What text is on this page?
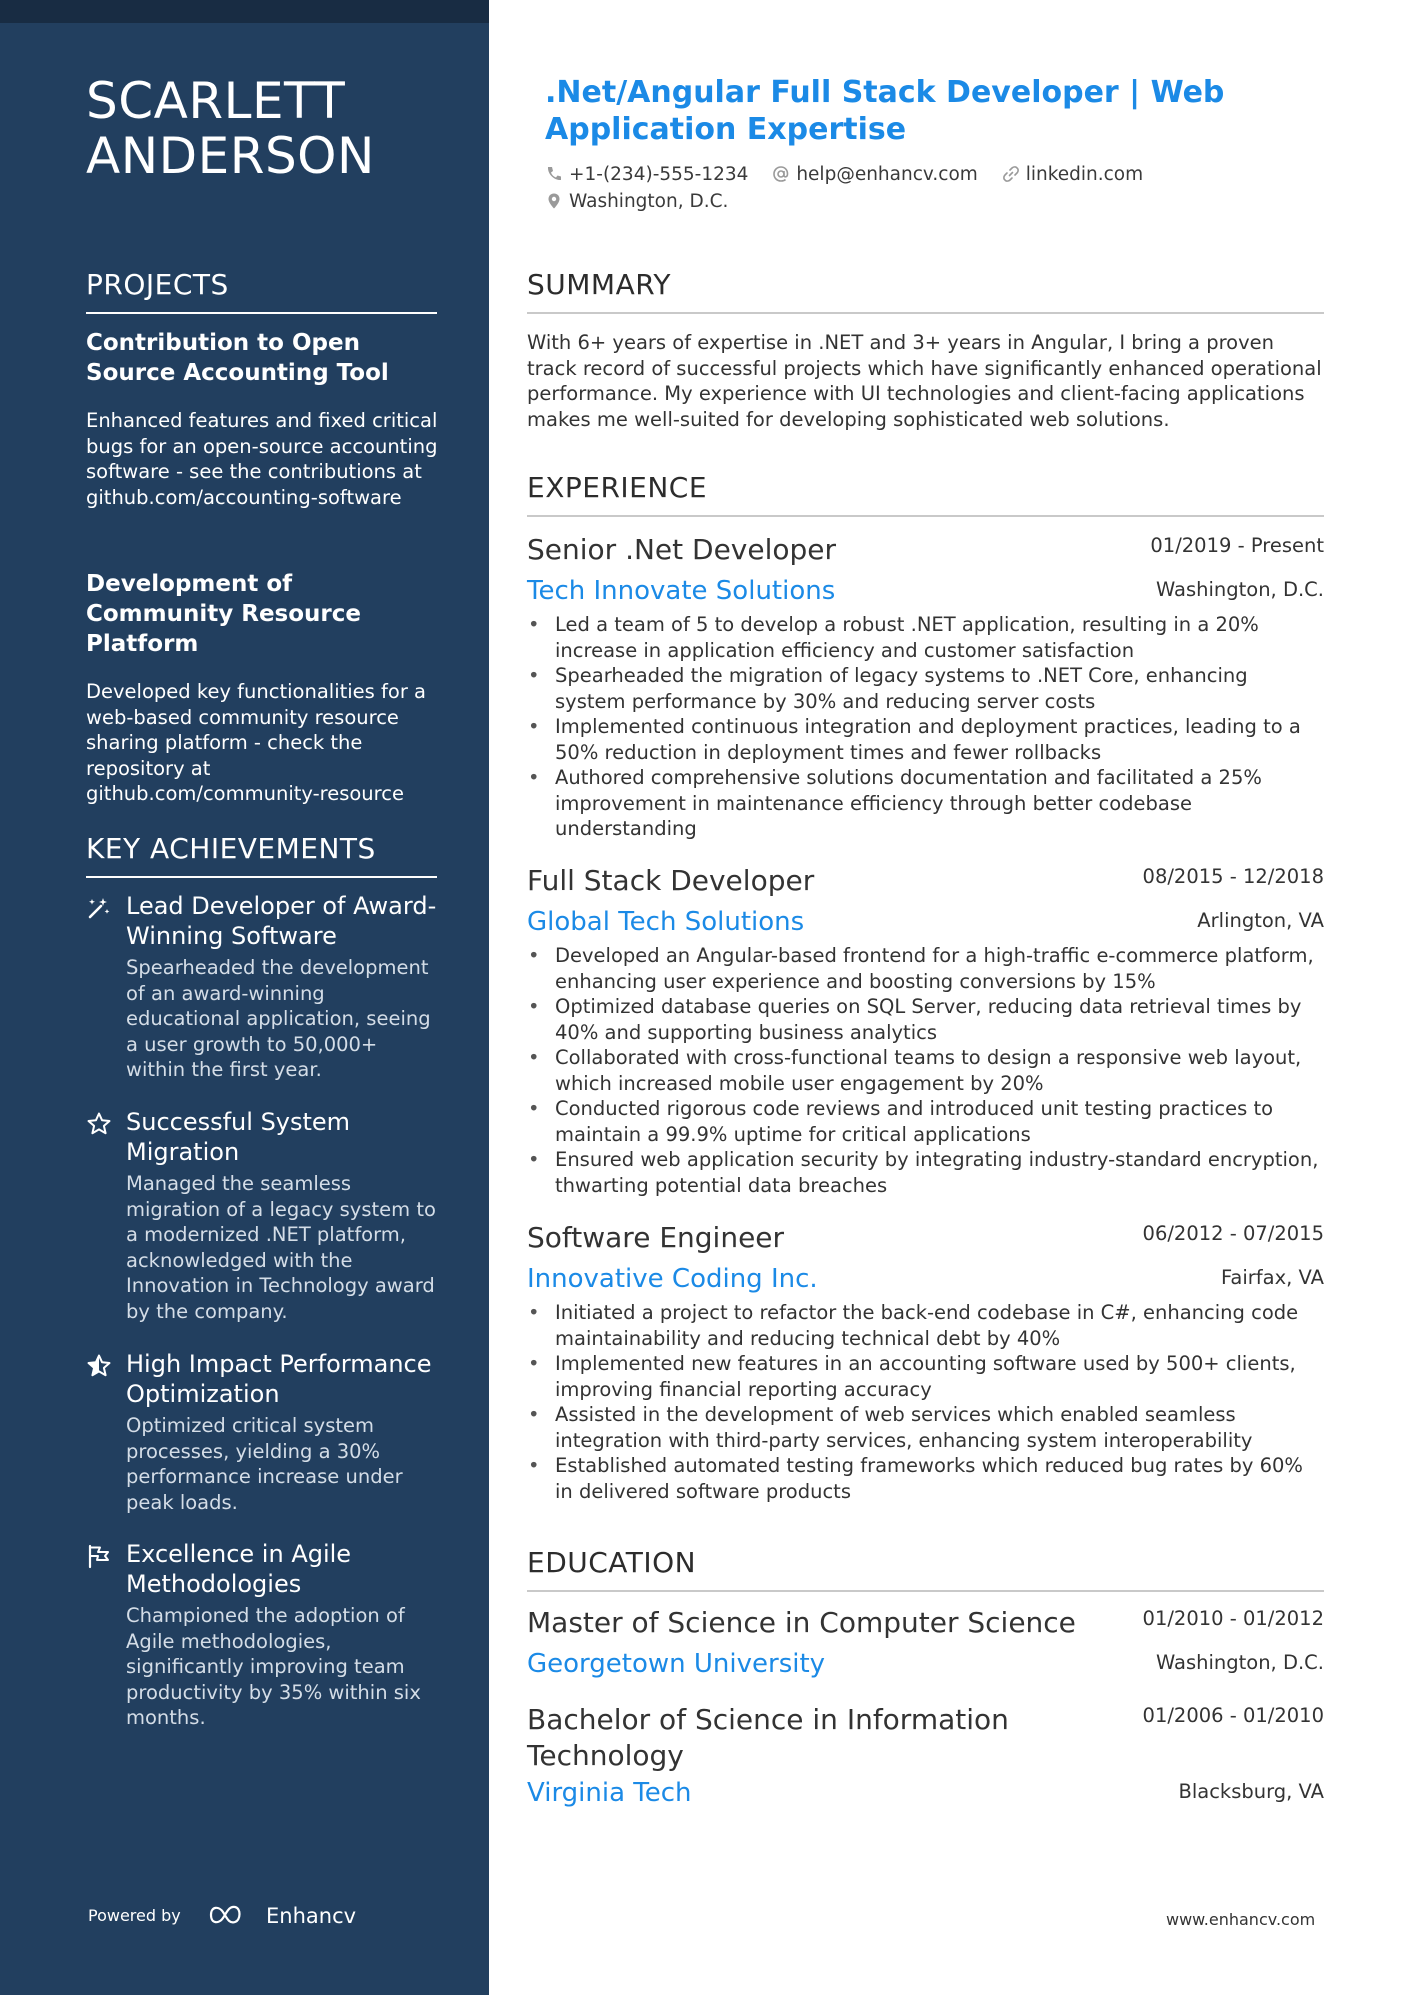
SCARLETT ANDERSON
PROJECTS

Contribution to Open Source Accounting Tool

Enhanced features and fixed critical bugs for an open-source accounting software - see the contributions at github.com/accounting-software

Development of Community Resource Platform

Developed key functionalities for a web-based community resource sharing platform - check the repository at github.com/community-resource

KEY ACHIEVEMENTS
Lead Developer of Award-Winning Software
Spearheaded the development of an award-winning educational application, seeing a user growth to 50,000+ within the first year.
Successful System Migration
Managed the seamless migration of a legacy system to a modernized .NET platform, acknowledged with the Innovation in Technology award by the company.
High Impact Performance Optimization
Optimized critical system processes, yielding a 30% performance increase under peak loads.
Excellence in Agile Methodologies
Championed the adoption of Agile methodologies, significantly improving team productivity by 35% within six months.
Powered by	Enhancv
.Net/Angular Full Stack Developer | Web Application Expertise
+1-(234)-555-1234	help@enhancv.com	linkedin.com
Washington, D.C.
SUMMARY

With 6+ years of expertise in .NET and 3+ years in Angular, I bring a proven track record of successful projects which have significantly enhanced operational performance. My experience with UI technologies and client-facing applications makes me well-suited for developing sophisticated web solutions.

EXPERIENCE
Senior .Net Developer	01/2019 - Present
Tech Innovate Solutions	Washington, D.C.
• Led a team of 5 to develop a robust .NET application, resulting in a 20% increase in application efficiency and customer satisfaction
• Spearheaded the migration of legacy systems to .NET Core, enhancing system performance by 30% and reducing server costs
• Implemented continuous integration and deployment practices, leading to a 50% reduction in deployment times and fewer rollbacks
• Authored comprehensive solutions documentation and facilitated a 25% improvement in maintenance efficiency through better codebase understanding
Full Stack Developer	08/2015 - 12/2018
Global Tech Solutions	Arlington, VA
• Developed an Angular-based frontend for a high-traffic e-commerce platform, enhancing user experience and boosting conversions by 15%
• Optimized database queries on SQL Server, reducing data retrieval times by 40% and supporting business analytics
• Collaborated with cross-functional teams to design a responsive web layout, which increased mobile user engagement by 20%
• Conducted rigorous code reviews and introduced unit testing practices to maintain a 99.9% uptime for critical applications
• Ensured web application security by integrating industry-standard encryption, thwarting potential data breaches
Software Engineer	06/2012 - 07/2015
Innovative Coding Inc.	Fairfax, VA
• Initiated a project to refactor the back-end codebase in C#, enhancing code maintainability and reducing technical debt by 40%
• Implemented new features in an accounting software used by 500+ clients, improving financial reporting accuracy
• Assisted in the development of web services which enabled seamless integration with third-party services, enhancing system interoperability
• Established automated testing frameworks which reduced bug rates by 60% in delivered software products
EDUCATION
Master of Science in Computer Science	01/2010 - 01/2012
Georgetown University	Washington, D.C.
Bachelor of Science in Information Technology
01/2006 - 01/2010
Virginia Tech	Blacksburg, VA
www.enhancv.com
